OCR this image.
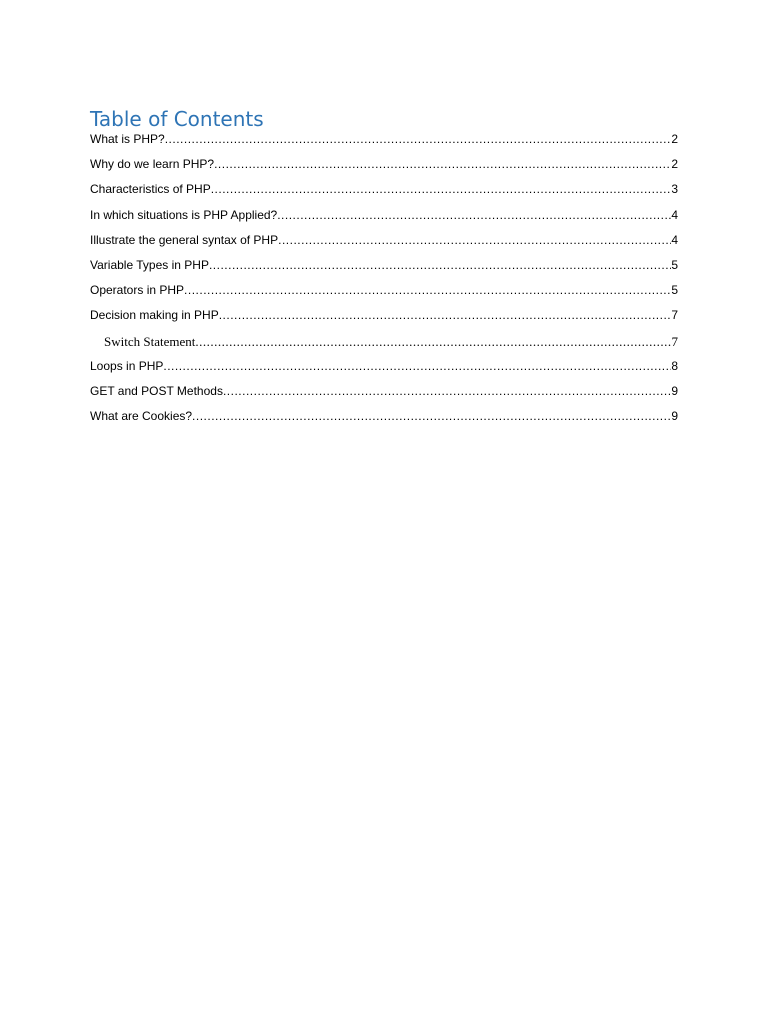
Table of Contents
What is PHP? .....	2
Why do we learn PHP? .....	2
Characteristics of PHP .....	3
In which situations is PHP Applied? .....	4
Illustrate the general syntax of PHP .....	4
Variable Types in PHP .....	5
Operators in PHP .....	5
Decision making in PHP .....	7
Switch Statement .....	7
Loops in PHP .....	8
GET and POST Methods .....	9
What are Cookies? .....	9
